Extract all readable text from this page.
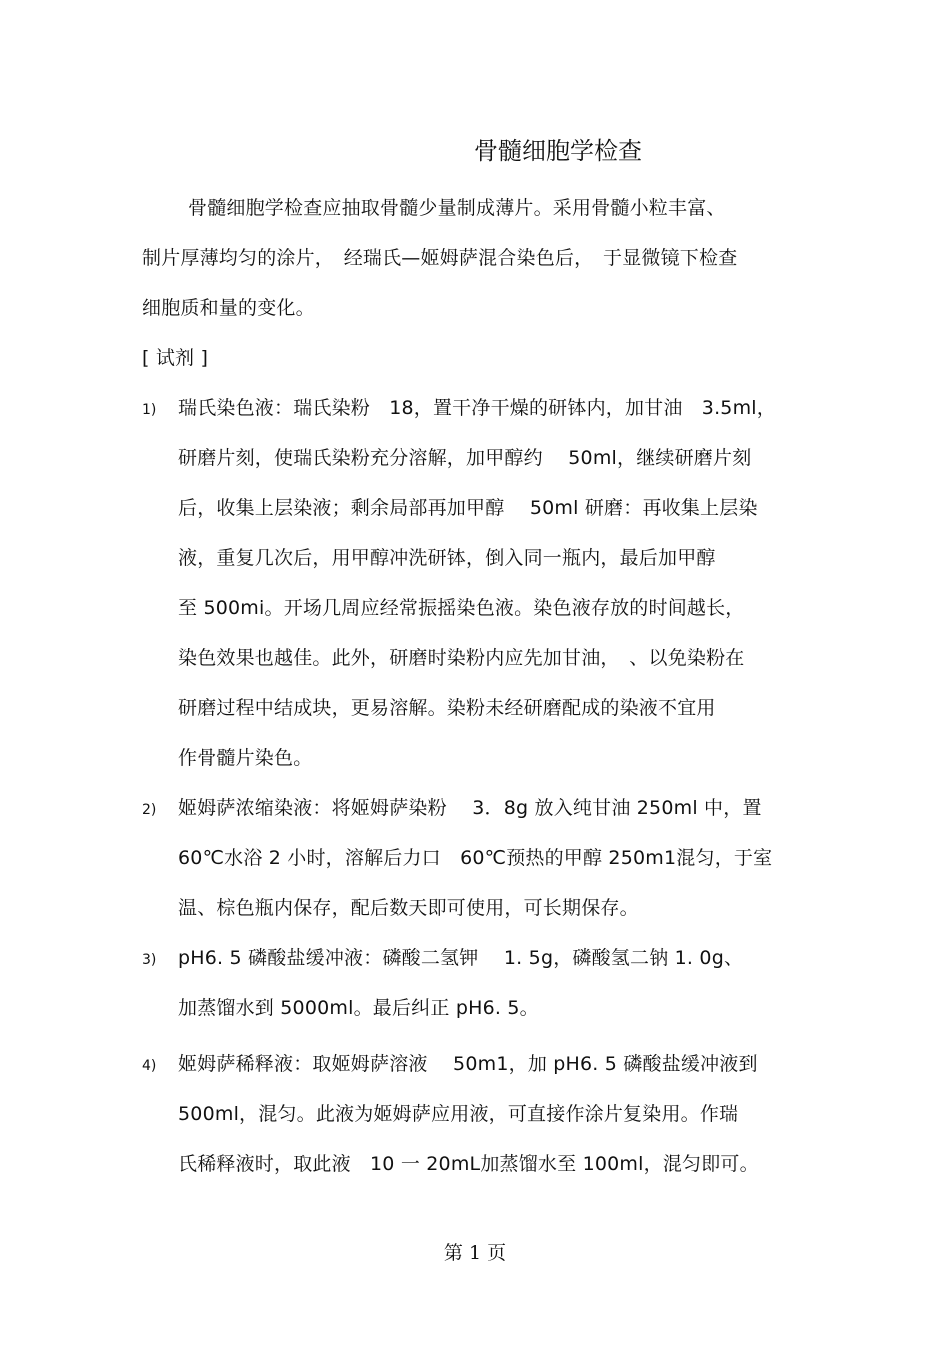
骨髓细胞学检查
骨髓细胞学检查应抽取骨髓少量制成薄片。采用骨髓小粒丰富、
制片厚薄均匀的涂片，　经瑞氏—姬姆萨混合染色后，　于显微镜下检查
细胞质和量的变化。
[ 试剂 ]
1) 瑞氏染色液：瑞氏染粉　18，置干净干燥的研钵内，加甘油　3.5ml，
研磨片刻，使瑞氏染粉充分溶解，加甲醇约　 50ml，继续研磨片刻
后，收集上层染液；剩余局部再加甲醇　 50ml 研磨：再收集上层染
液，重复几次后，用甲醇冲洗研钵，倒入同一瓶内，最后加甲醇
至 500mi。开场几周应经常振摇染色液。染色液存放的时间越长，
染色效果也越佳。此外，研磨时染粉内应先加甘油，　、以免染粉在
研磨过程中结成块，更易溶解。染粉未经研磨配成的染液不宜用
作骨髓片染色。
2) 姬姆萨浓缩染液：将姬姆萨染粉　 3．8g 放入纯甘油 250ml 中，置
60℃水浴 2 小时，溶解后力口　60℃预热的甲醇 250m1混匀，于室
温、棕色瓶内保存，配后数天即可使用，可长期保存。
3) pH6. 5 磷酸盐缓冲液：磷酸二氢钾　 1. 5g，磷酸氢二钠 1. 0g、
加蒸馏水到 5000ml。最后纠正 pH6. 5。
4) 姬姆萨稀释液：取姬姆萨溶液　 50m1，加 pH6. 5 磷酸盐缓冲液到
500ml，混匀。此液为姬姆萨应用液，可直接作涂片复染用。作瑞
氏稀释液时，取此液　10 一 20mL加蒸馏水至 100ml，混匀即可。
第 1 页
